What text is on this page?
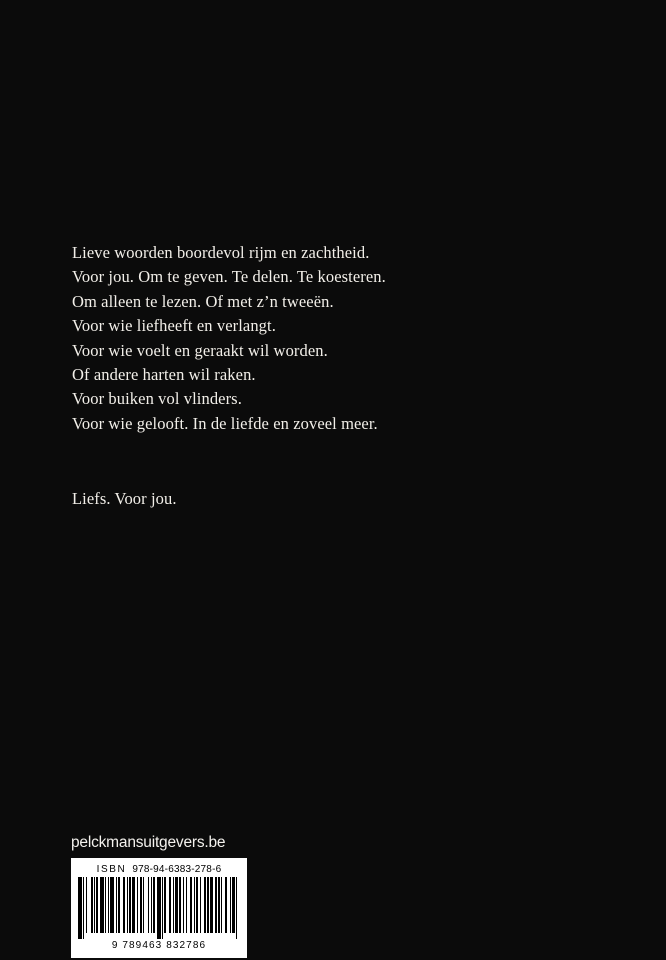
Lieve woorden boordevol rijm en zachtheid.
Voor jou. Om te geven. Te delen. Te koesteren.
Om alleen te lezen. Of met z’n tweeën.
Voor wie liefheeft en verlangt.
Voor wie voelt en geraakt wil worden.
Of andere harten wil raken.
Voor buiken vol vlinders.
Voor wie gelooft. In de liefde en zoveel meer.
Liefs. Voor jou.
pelckmansuitgevers.be
ISBN 978-94-6383-278-6
9 789463 832786
